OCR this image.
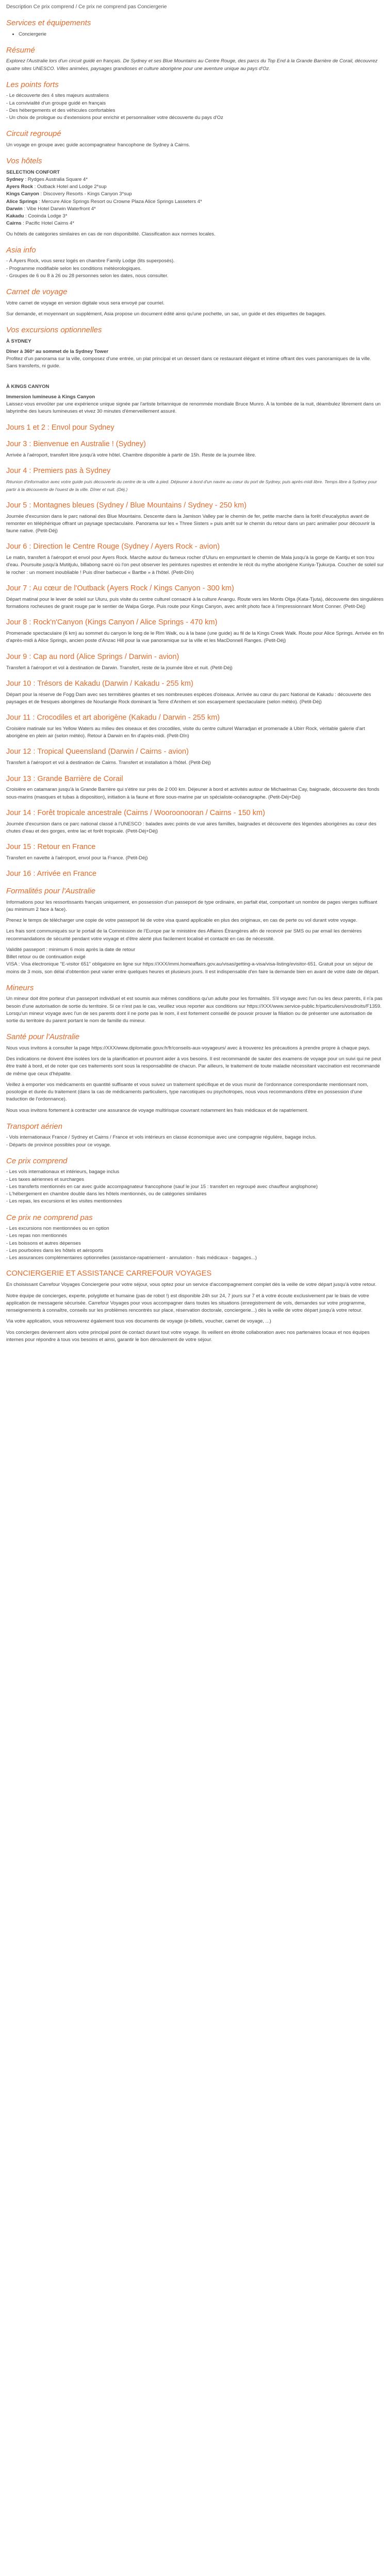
Description Ce prix comprend / Ce prix ne comprend pas Conciergerie
Services et équipements
• Conciergerie
Résumé

Explorez l'Australie lors d'un circuit guidé en français. De Sydney et ses Blue Mountains au Centre Rouge, des parcs du Top End à la Grande Barrière de Corail, découvrez quatre sites UNESCO. Villes animées, paysages grandioses et culture aborigène pour une aventure unique au pays d'Oz.

Les points forts
- Le découverte des 4 sites majeurs australiens
- La convivialité d'un groupe guidé en français
- Des hébergements et des véhicules confortables
- Un choix de prologue ou d'extensions pour enrichir et personnaliser votre découverte du pays d'Oz
Circuit regroupé

Un voyage en groupe avec guide accompagnateur francophone de Sydney à Cairns.

Vos hôtels
SELECTION CONFORT
Sydney : Rydges Australia Square 4*
Ayers Rock : Outback Hotel and Lodge 2*sup
Kings Canyon : Discovery Resorts - Kings Canyon 3*sup
Alice Springs : Mercure Alice Springs Resort ou Crowne Plaza Alice Springs Lasseters 4*
Darwin : Vibe Hotel Darwin Waterfront 4*
Kakadu : Cooinda Lodge 3*
Cairns : Pacific Hotel Cairns 4*

Ou hôtels de catégories similaires en cas de non disponibilité. Classification aux normes locales.

Asia info
- À Ayers Rock, vous serez logés en chambre Family Lodge (lits superposés).
- Programme modifiable selon les conditions météorologiques.
- Groupes de 6 ou 8 à 26 ou 28 personnes selon les dates, nous consulter.
Carnet de voyage

Votre carnet de voyage en version digitale vous sera envoyé par courriel.

Sur demande, et moyennant un supplément, Asia propose un document édité ainsi qu'une pochette, un sac, un guide et des étiquettes de bagages.

Vos excursions optionnelles
À SYDNEY
Dîner à 360° au sommet de la Sydney Tower

Profitez d'un panorama sur la ville, composez d'une entrée, un plat principal et un dessert dans ce restaurant élégant et intime offrant des vues panoramiques de la ville.

Sans transferts, ni guide.

À KINGS CANYON
Immersion lumineuse à Kings Canyon

Laissez-vous envoûter par une expérience unique signée par l'artiste britannique de renommée mondiale Bruce Munro. À la tombée de la nuit, déambulez librement dans un labyrinthe des lueurs lumineuses et vivez 30 minutes d'émerveillement assuré.

Jours 1 et 2 : Envol pour Sydney
Jour 3 : Bienvenue en Australie ! (Sydney)

Arrivée à l'aéroport, transfert libre jusqu'à votre hôtel. Chambre disponible à partir de 15h. Reste de la journée libre.

Jour 4 : Premiers pas à Sydney

Réunion d'information avec votre guide puis découverte du centre de la ville à pied. Déjeuner à bord d'un navire au cœur du port de Sydney, puis après-midi libre. Temps libre à Sydney pour partir à la découverte de l'ouest de la ville. Dîner et nuit. (Déj.)

Jour 5 : Montagnes bleues (Sydney / Blue Mountains / Sydney - 250 km)

Journée d'excursion dans le parc national des Blue Mountains. Descente dans la Jamison Valley par le chemin de fer, petite marche dans la forêt d'eucalyptus avant de remonter en téléphérique offrant un paysage spectaculaire. Panorama sur les « Three Sisters » puis arrêt sur le chemin du retour dans un parc animalier pour découvrir la faune native. (Petit-Déj)

Jour 6 : Direction le Centre Rouge (Sydney / Ayers Rock - avion)

Le matin, transfert à l'aéroport et envol pour Ayers Rock. Marche autour du fameux rocher d'Uluru en empruntant le chemin de Mala jusqu'à la gorge de Kantju et son trou d'eau. Poursuite jusqu'à Mutitjulu, billabong sacré où l'on peut observer les peintures rupestres et entendre le récit du mythe aborigène Kuniya-Tjukurpa. Coucher de soleil sur le rocher : un moment inoubliable ! Puis dîner barbecue « Bartbe » à l'hôtel. (Petit-Dîn)

Jour 7 : Au cœur de l'Outback (Ayers Rock / Kings Canyon - 300 km)

Départ matinal pour le lever de soleil sur Uluru, puis visite du centre culturel consacré à la culture Anangu. Route vers les Monts Olga (Kata-Tjuta), découverte des singulières formations rocheuses de granit rouge par le sentier de Walpa Gorge. Puis route pour Kings Canyon, avec arrêt photo face à l'impressionnant Mont Conner. (Petit-Déj)

Jour 8 : Rock'n'Canyon (Kings Canyon / Alice Springs - 470 km)

Promenade spectaculaire (6 km) au sommet du canyon le long de le Rim Walk, ou à la base (une guide) au fil de la Kings Creek Walk. Route pour Alice Springs. Arrivée en fin d'après-midi à Alice Springs, ancien poste d'Anzac Hill pour la vue panoramique sur la ville et les MacDonnell Ranges. (Petit-Déj)

Jour 9 : Cap au nord (Alice Springs / Darwin - avion)

Transfert à l'aéroport et vol à destination de Darwin. Transfert, reste de la journée libre et nuit. (Petit-Déj)

Jour 10 : Trésors de Kakadu (Darwin / Kakadu - 255 km)

Départ pour la réserve de Fogg Dam avec ses termitières géantes et ses nombreuses espèces d'oiseaux. Arrivée au cœur du parc National de Kakadu : découverte des paysages et de fresques aborigènes de Nourlangie Rock dominant la Terre d'Arnhem et son escarpement spectaculaire (selon météo). (Petit-Déj)

Jour 11 : Crocodiles et art aborigène (Kakadu / Darwin - 255 km)

Croisière matinale sur les Yellow Waters au milieu des oiseaux et des crocodiles, visite du centre culturel Warradjan et promenade à Ubirr Rock, véritable galerie d'art aborigène en plein air (selon météo). Retour à Darwin en fin d'après-midi. (Petit-Dîn)

Jour 12 : Tropical Queensland (Darwin / Cairns - avion)

Transfert à l'aéroport et vol à destination de Cairns. Transfert et installation à l'hôtel. (Petit-Déj)

Jour 13 : Grande Barrière de Corail

Croisière en catamaran jusqu'à la Grande Barrière qui s'étire sur près de 2 000 km. Déjeuner à bord et activités autour de Michaelmas Cay, baignade, découverte des fonds sous-marins (masques et tubas à disposition), initiation à la faune et flore sous-marine par un spécialiste-océanographe. (Petit-Déj+Déj)

Jour 14 : Forêt tropicale ancestrale (Cairns / Wooroonooran / Cairns - 150 km)

Journée d'excursion dans ce parc national classé à l'UNESCO : balades avec points de vue aires familles, baignades et découverte des légendes aborigènes au cœur des chutes d'eau et des gorges, entre lac et forêt tropicale. (Petit-Déj+Déj)

Jour 15 : Retour en France

Transfert en navette à l'aéroport, envol pour la France. (Petit-Déj)

Jour 16 : Arrivée en France
Formalités pour l'Australie

Informations pour les ressortissants français uniquement, en possession d'un passeport de type ordinaire, en parfait état, comportant un nombre de pages vierges suffisant (au minimum 2 face à face).

Prenez le temps de télécharger une copie de votre passeport lié de votre visa quand applicable en plus des originaux, en cas de perte ou vol durant votre voyage.

Les frais sont communiqués sur le portail de la Commission de l'Europe par le ministère des Affaires Étrangères afin de recevoir par SMS ou par email les dernières recommandations de sécurité pendant votre voyage et d'être alerté plus facilement localisé et contacté en cas de nécessité.

Validité passeport : minimum 6 mois après la date de retour

Billet retour ou de continuation exigé

VISA : Visa électronique "E-visitor 651" obligatoire en ligne sur https://XXX/immi.homeaffairs.gov.au/visas/getting-a-visa/visa-listing/evisitor-651. Gratuit pour un séjour de moins de 3 mois, son délai d'obtention peut varier entre quelques heures et plusieurs jours. Il est indispensable d'en faire la demande bien en avant de votre date de départ.

Mineurs

Un mineur doit être porteur d'un passeport individuel et est soumis aux mêmes conditions qu'un adulte pour les formalités. S'il voyage avec l'un ou les deux parents, il n'a pas besoin d'une autorisation de sortie du territoire. Si ce n'est pas le cas, veuillez vous reporter aux conditions sur https://XXX/www.service-public.fr/particuliers/vosdroits/F1359. Lorsqu'un mineur voyage avec l'un de ses parents dont il ne porte pas le nom, il est fortement conseillé de pouvoir prouver la filiation ou de présenter une autorisation de sortie du territoire du parent portant le nom de famille du mineur.

Santé pour l'Australie

Nous vous invitons à consulter la page https://XXX/www.diplomatie.gouv.fr/fr/conseils-aux-voyageurs/ avec à trouverez les précautions à prendre propre à chaque pays.

Des indications ne doivent être isolées lors de la planification et pourront aider à vos besoins. Il est recommandé de sauter des examens de voyage pour un suivi qui ne peut être traité à bord, et de noter que ces traitements sont sous la responsabilité de chacun. Par ailleurs, le traitement de toute maladie nécessitant vaccination est recommandé de même que ceux d'hépatite.

Veillez à emporter vos médicaments en quantité suffisante et vous suivez un traitement spécifique et de vous munir de l'ordonnance correspondante mentionnant nom, posologie et durée du traitement (dans la cas de médicaments particuliers, type narcotiques ou psychotropes, nous vous recommandons d'être en possession d'une traduction de l'ordonnance).

Nous vous invitons fortement à contracter une assurance de voyage multirisque couvrant notamment les frais médicaux et de rapatriement.

Transport aérien
- Vols internationaux France / Sydney et Cairns / France et vols intérieurs en classe économique avec une compagnie régulière, bagage inclus.
- Départs de province possibles pour ce voyage.
Ce prix comprend
- Les vols internationaux et intérieurs, bagage inclus
- Les taxes aériennes et surcharges
- Les transferts mentionnés en car avec guide accompagnateur francophone (sauf le jour 15 : transfert en regroupé avec chauffeur anglophone)
- L'hébergement en chambre double dans les hôtels mentionnés, ou de catégories similaires
- Les repas, les excursions et les visites mentionnées
Ce prix ne comprend pas
- Les excursions non mentionnées ou en option
- Les repas non mentionnés
- Les boissons et autres dépenses
- Les pourboires dans les hôtels et aéroports
- Les assurances complémentaires optionnelles (assistance-rapatriement - annulation - frais médicaux - bagages...)
CONCIERGERIE ET ASSISTANCE CARREFOUR VOYAGES

En choisissant Carrefour Voyages Conciergerie pour votre séjour, vous optez pour un service d'accompagnement complet dès la veille de votre départ jusqu'à votre retour.

Notre équipe de concierges, experte, polyglotte et humaine (pas de robot !) est disponible 24h sur 24, 7 jours sur 7 et à votre écoute exclusivement par le biais de votre application de messagerie sécurisée. Carrefour Voyages pour vous accompagner dans toutes les situations (enregistrement de vols, demandes sur votre programme, renseignements à connaître, conseils sur les problèmes rencontrés sur place, réservation doctorale, conciergerie...) dès la veille de votre départ jusqu'à votre retour.

Via votre application, vous retrouverez également tous vos documents de voyage (e-billets, voucher, carnet de voyage, ...)

Vos concierges deviennent alors votre principal point de contact durant tout votre voyage. Ils veillent en étroite collaboration avec nos partenaires locaux et nos équipes internes pour répondre à tous vos besoins et ainsi, garantir le bon déroulement de votre séjour.
